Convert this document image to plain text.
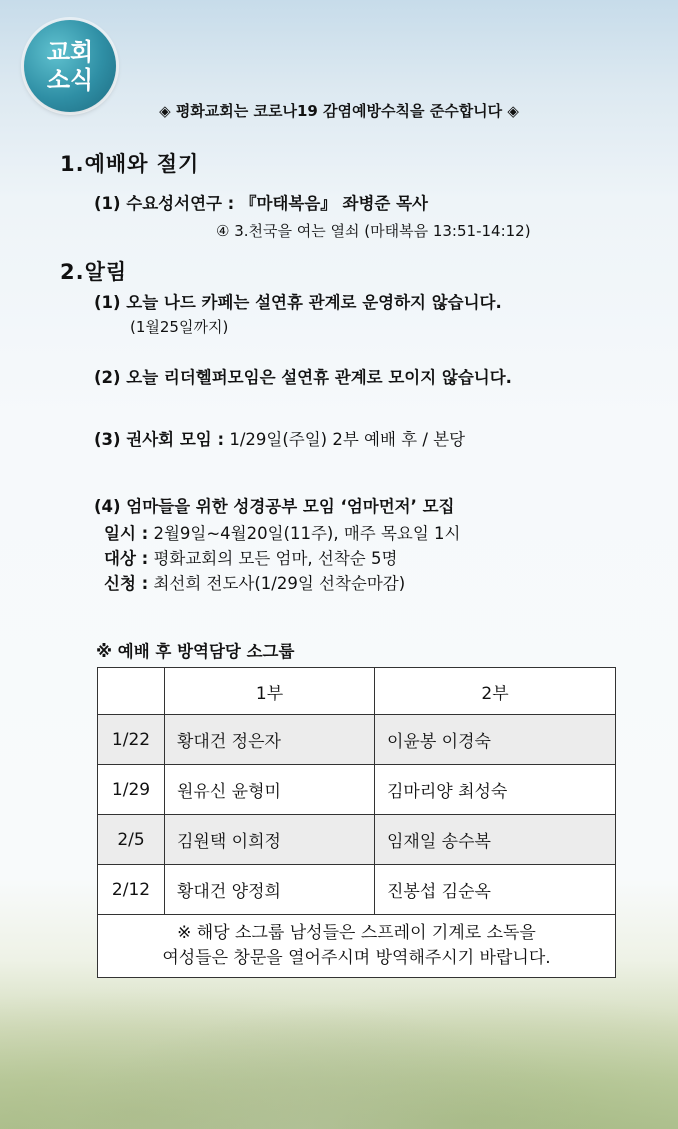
교회
소식
◈ 평화교회는 코로나19 감염예방수칙을 준수합니다 ◈
1.예배와 절기
(1) 수요성서연구 : 『마태복음』 좌병준 목사
④ 3.천국을 여는 열쇠 (마태복음 13:51-14:12)
2.알림
(1) 오늘 나드 카페는 설연휴 관계로 운영하지 않습니다.
(1월25일까지)
(2) 오늘 리더헬퍼모임은 설연휴 관계로 모이지 않습니다.
(3) 권사회 모임 : 1/29일(주일) 2부 예배 후 / 본당
(4) 엄마들을 위한 성경공부 모임 ‘엄마먼저’ 모집
일시 : 2월9일~4월20일(11주), 매주 목요일 1시
대상 : 평화교회의 모든 엄마, 선착순 5명
신청 : 최선희 전도사(1/29일 선착순마감)
※ 예배 후 방역담당 소그룹
	1부	2부
1/22	황대건 정은자	이윤봉 이경숙
1/29	원유신 윤형미	김마리양 최성숙
2/5	김원택 이희정	임재일 송수복
2/12	황대건 양정희	진봉섭 김순옥

※ 해당 소그룹 남성들은 스프레이 기계로 소독을
여성들은 창문을 열어주시며 방역해주시기 바랍니다.		
